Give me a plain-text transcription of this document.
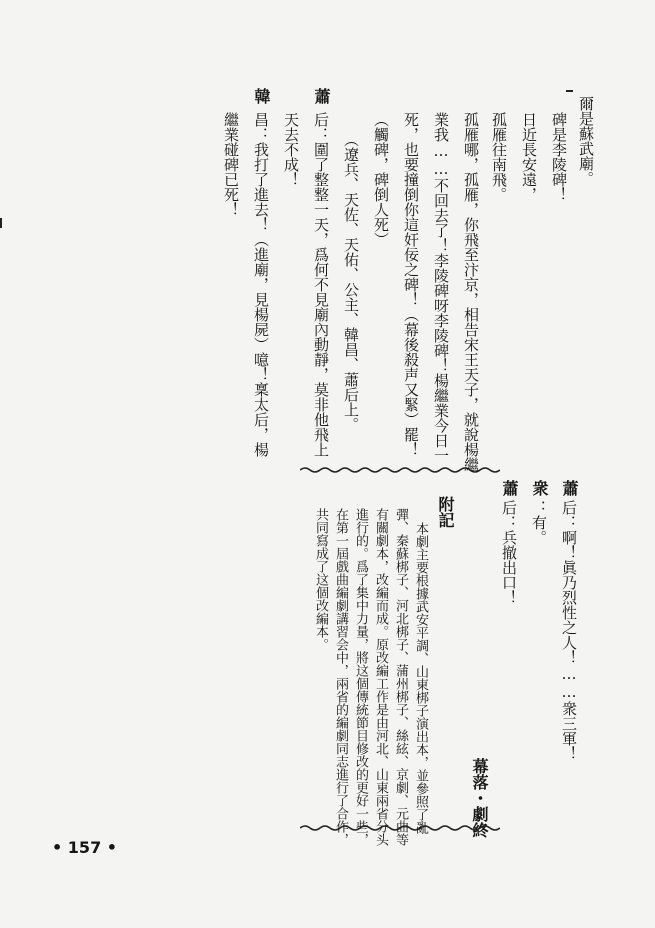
爾是蘇武廟。
碑是李陵碑！
日近長安遠，
孤雁往南飛。
孤雁哪，孤雁，你飛至汴京，相告宋王天子，就說楊繼
業我……不回去了！李陵碑呀李陵碑！楊繼業今日一
死，也要撞倒你這奸佞之碑！（幕後殺声又緊）罷！
（觸碑，碑倒人死）
（遼兵、天佐、天佑、公主、韓昌、蕭后上。
蕭
后：圍了整整一天，爲何不見廟內動靜，莫非他飛上
天去不成！
韓
昌：我打了進去！（進廟，見楊屍）噫！稟太后，楊
繼業碰碑已死！
蕭
后：啊！眞乃烈性之人！……衆三軍！
衆
：有。
蕭
后：兵撤出口！
幕落・劇終
附記
本劇主要根據武安平調、山東梆子演出本，並參照了亂
彈、秦蘇梆子、河北梆子、蒲州梆子、絲絃、京劇、元曲等
有關劇本，改編而成。原改編工作是由河北、山東兩省分头
進行的。爲了集中力量，將这個傳統節目修改的更好一些，
在第一屆戲曲編劇講習会中，兩省的編劇同志進行了合作，
共同寫成了这個改編本。
• 157 •
